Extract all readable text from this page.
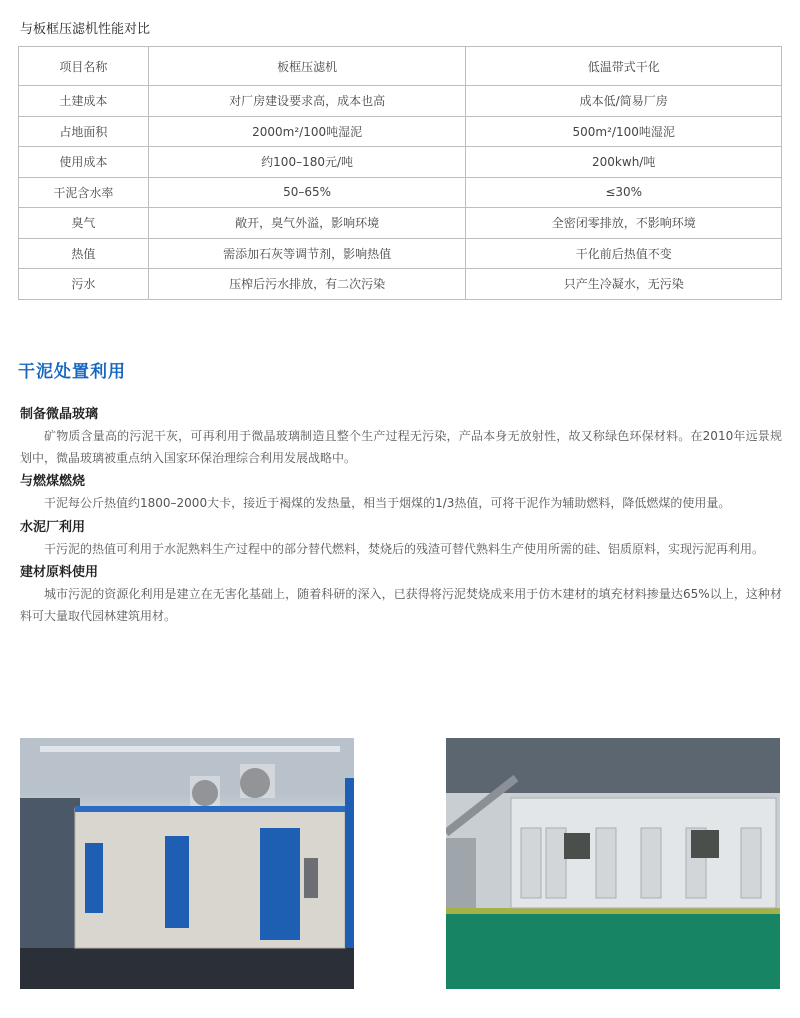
与板框压滤机性能对比
项目名称	板框压滤机	低温带式干化
土建成本	对厂房建设要求高，成本也高	成本低/简易厂房
占地面积	2000m²/100吨湿泥	500m²/100吨湿泥
使用成本	约100–180元/吨	200kwh/吨
干泥含水率	50–65%	≤30%
臭气	敞开，臭气外溢，影响环境	全密闭零排放，不影响环境
热值	需添加石灰等调节剂，影响热值	干化前后热值不变
污水	压榨后污水排放，有二次污染	只产生冷凝水，无污染
干泥处置利用

制备微晶玻璃

矿物质含量高的污泥干灰，可再利用于微晶玻璃制造且整个生产过程无污染，产品本身无放射性，故又称绿色环保材料。在2010年远景规划中，微晶玻璃被重点纳入国家环保治理综合利用发展战略中。

与燃煤燃烧

干泥每公斤热值约1800–2000大卡，接近于褐煤的发热量，相当于烟煤的1/3热值，可将干泥作为辅助燃料，降低燃煤的使用量。

水泥厂利用

干污泥的热值可利用于水泥熟料生产过程中的部分替代燃料，焚烧后的残渣可替代熟料生产使用所需的硅、铝质原料，实现污泥再利用。

建材原料使用

城市污泥的资源化利用是建立在无害化基础上，随着科研的深入，已获得将污泥焚烧成来用于仿木建材的填充材料掺量达65%以上，这种材料可大量取代园林建筑用材。
